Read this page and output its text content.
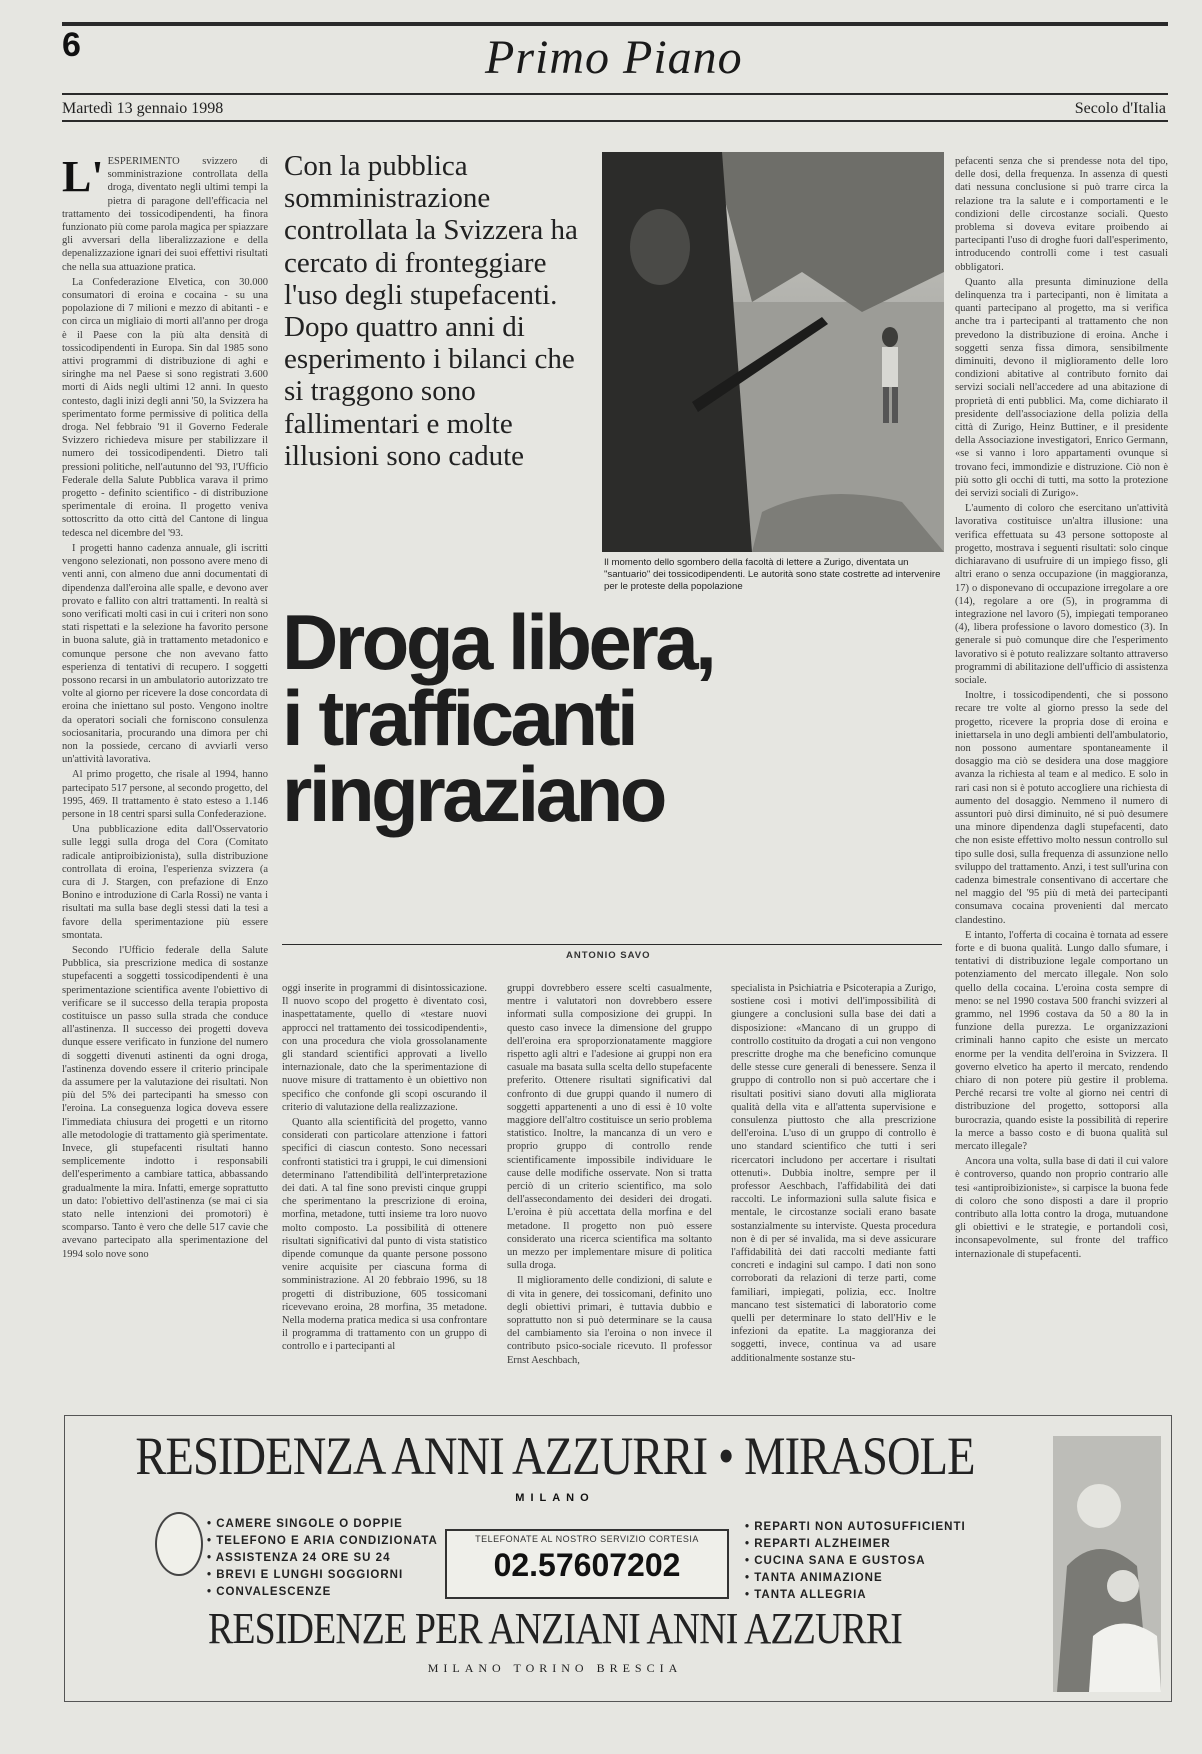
6	Primo Piano
Martedì 13 gennaio 1998	Secolo d'Italia

L' ESPERIMENTO svizzero di somministrazione controllata della droga, diventato negli ultimi tempi la pietra di paragone dell'efficacia nel trattamento dei tossicodipendenti, ha finora funzionato più come parola magica per spiazzare gli avversari della liberalizzazione e della depenalizzazione ignari dei suoi effettivi risultati che nella sua attuazione pratica.

La Confederazione Elvetica, con 30.000 consumatori di eroina e cocaina - su una popolazione di 7 milioni e mezzo di abitanti - e con circa un migliaio di morti all'anno per droga è il Paese con la più alta densità di tossicodipendenti in Europa. Sin dal 1985 sono attivi programmi di distribuzione di aghi e siringhe ma nel Paese si sono registrati 3.600 morti di Aids negli ultimi 12 anni. In questo contesto, dagli inizi degli anni '50, la Svizzera ha sperimentato forme permissive di politica della droga. Nel febbraio '91 il Governo Federale Svizzero richiedeva misure per stabilizzare il numero dei tossicodipendenti. Dietro tali pressioni politiche, nell'autunno del '93, l'Ufficio Federale della Salute Pubblica varava il primo progetto - definito scientifico - di distribuzione sperimentale di eroina. Il progetto veniva sottoscritto da otto città del Cantone di lingua tedesca nel dicembre del '93.

I progetti hanno cadenza annuale, gli iscritti vengono selezionati, non possono avere meno di venti anni, con almeno due anni documentati di dipendenza dall'eroina alle spalle, e devono aver provato e fallito con altri trattamenti. In realtà si sono verificati molti casi in cui i criteri non sono stati rispettati e la selezione ha favorito persone in buona salute, già in trattamento metadonico e comunque persone che non avevano fatto esperienza di tentativi di recupero. I soggetti possono recarsi in un ambulatorio autorizzato tre volte al giorno per ricevere la dose concordata di eroina che iniettano sul posto. Vengono inoltre da operatori sociali che forniscono consulenza sociosanitaria, procurando una dimora per chi non la possiede, cercano di avviarli verso un'attività lavorativa.

Al primo progetto, che risale al 1994, hanno partecipato 517 persone, al secondo progetto, del 1995, 469. Il trattamento è stato esteso a 1.146 persone in 18 centri sparsi sulla Confederazione.

Una pubblicazione edita dall'Osservatorio sulle leggi sulla droga del Cora (Comitato radicale antiproibizionista), sulla distribuzione controllata di eroina, l'esperienza svizzera (a cura di J. Stargen, con prefazione di Enzo Bonino e introduzione di Carla Rossi) ne vanta i risultati ma sulla base degli stessi dati la tesi a favore della sperimentazione più essere smontata.

Secondo l'Ufficio federale della Salute Pubblica, sia prescrizione medica di sostanze stupefacenti a soggetti tossicodipendenti è una sperimentazione scientifica avente l'obiettivo di verificare se il successo della terapia proposta costituisce un passo sulla strada che conduce all'astinenza. Il successo dei progetti doveva dunque essere verificato in funzione del numero di soggetti divenuti astinenti da ogni droga, l'astinenza dovendo essere il criterio principale da assumere per la valutazione dei risultati. Non più del 5% dei partecipanti ha smesso con l'eroina. La conseguenza logica doveva essere l'immediata chiusura dei progetti e un ritorno alle metodologie di trattamento già sperimentate. Invece, gli stupefacenti risultati hanno semplicemente indotto i responsabili dell'esperimento a cambiare tattica, abbassando gradualmente la mira. Infatti, emerge soprattutto un dato: l'obiettivo dell'astinenza (se mai ci sia stato nelle intenzioni dei promotori) è scomparso. Tanto è vero che delle 517 cavie che avevano partecipato alla sperimentazione del 1994 solo nove sono

Con la pubblica somministrazione controllata la Svizzera ha cercato di fronteggiare l'uso degli stupefacenti. Dopo quattro anni di esperimento i bilanci che si traggono sono fallimentari e molte illusioni sono cadute
Il momento dello sgombero della facoltà di lettere a Zurigo, diventata un "santuario" dei tossicodipendenti. Le autorità sono state costrette ad intervenire per le proteste della popolazione
Droga libera,
i trafficanti
ringraziano
ANTONIO SAVO

oggi inserite in programmi di disintossicazione. Il nuovo scopo del progetto è diventato così, inaspettatamente, quello di «testare nuovi approcci nel trattamento dei tossicodipendenti», con una procedura che viola grossolanamente gli standard scientifici approvati a livello internazionale, dato che la sperimentazione di nuove misure di trattamento è un obiettivo non specifico che confonde gli scopi oscurando il criterio di valutazione della realizzazione.

Quanto alla scientificità del progetto, vanno considerati con particolare attenzione i fattori specifici di ciascun contesto. Sono necessari confronti statistici tra i gruppi, le cui dimensioni determinano l'attendibilità dell'interpretazione dei dati. A tal fine sono previsti cinque gruppi che sperimentano la prescrizione di eroina, morfina, metadone, tutti insieme tra loro nuovo molto composto. La possibilità di ottenere risultati significativi dal punto di vista statistico dipende comunque da quante persone possono venire acquisite per ciascuna forma di somministrazione. Al 20 febbraio 1996, su 18 progetti di distribuzione, 605 tossicomani ricevevano eroina, 28 morfina, 35 metadone. Nella moderna pratica medica si usa confrontare il programma di trattamento con un gruppo di controllo e i partecipanti al

gruppi dovrebbero essere scelti casualmente, mentre i valutatori non dovrebbero essere informati sulla composizione dei gruppi. In questo caso invece la dimensione del gruppo dell'eroina era sproporzionatamente maggiore rispetto agli altri e l'adesione ai gruppi non era casuale ma basata sulla scelta dello stupefacente preferito. Ottenere risultati significativi dal confronto di due gruppi quando il numero di soggetti appartenenti a uno di essi è 10 volte maggiore dell'altro costituisce un serio problema statistico. Inoltre, la mancanza di un vero e proprio gruppo di controllo rende scientificamente impossibile individuare le cause delle modifiche osservate. Non si tratta perciò di un criterio scientifico, ma solo dell'assecondamento dei desideri dei drogati. L'eroina è più accettata della morfina e del metadone. Il progetto non può essere considerato una ricerca scientifica ma soltanto un mezzo per implementare misure di politica sulla droga.

Il miglioramento delle condizioni, di salute e di vita in genere, dei tossicomani, definito uno degli obiettivi primari, è tuttavia dubbio e soprattutto non si può determinare se la causa del cambiamento sia l'eroina o non invece il contributo psico-sociale ricevuto. Il professor Ernst Aeschbach,

specialista in Psichiatria e Psicoterapia a Zurigo, sostiene così i motivi dell'impossibilità di giungere a conclusioni sulla base dei dati a disposizione: «Mancano di un gruppo di controllo costituito da drogati a cui non vengono prescritte droghe ma che beneficino comunque delle stesse cure generali di benessere. Senza il gruppo di controllo non si può accertare che i risultati positivi siano dovuti alla migliorata qualità della vita e all'attenta supervisione e consulenza piuttosto che alla prescrizione dell'eroina. L'uso di un gruppo di controllo è uno standard scientifico che tutti i seri ricercatori includono per accertare i risultati ottenuti». Dubbia inoltre, sempre per il professor Aeschbach, l'affidabilità dei dati raccolti. Le informazioni sulla salute fisica e mentale, le circostanze sociali erano basate sostanzialmente su interviste. Questa procedura non è di per sé invalida, ma si deve assicurare l'affidabilità dei dati raccolti mediante fatti concreti e indagini sul campo. I dati non sono corroborati da relazioni di terze parti, come familiari, impiegati, polizia, ecc. Inoltre mancano test sistematici di laboratorio come quelli per determinare lo stato dell'Hiv e le infezioni da epatite. La maggioranza dei soggetti, invece, continua va ad usare additionalmente sostanze stu-

pefacenti senza che si prendesse nota del tipo, delle dosi, della frequenza. In assenza di questi dati nessuna conclusione si può trarre circa la relazione tra la salute e i comportamenti e le condizioni delle circostanze sociali. Questo problema si doveva evitare proibendo ai partecipanti l'uso di droghe fuori dall'esperimento, introducendo controlli come i test casuali obbligatori.

Quanto alla presunta diminuzione della delinquenza tra i partecipanti, non è limitata a quanti partecipano al progetto, ma si verifica anche tra i partecipanti al trattamento che non prevedono la distribuzione di eroina. Anche i soggetti senza fissa dimora, sensibilmente diminuiti, devono il miglioramento delle loro condizioni abitative al contributo fornito dai servizi sociali nell'accedere ad una abitazione di proprietà di enti pubblici. Ma, come dichiarato il presidente dell'associazione della polizia della città di Zurigo, Heinz Buttiner, e il presidente della Associazione investigatori, Enrico Germann, «se si vanno i loro appartamenti ovunque si trovano feci, immondizie e distruzione. Ciò non è più sotto gli occhi di tutti, ma sotto la protezione dei servizi sociali di Zurigo».

L'aumento di coloro che esercitano un'attività lavorativa costituisce un'altra illusione: una verifica effettuata su 43 persone sottoposte al progetto, mostrava i seguenti risultati: solo cinque dichiaravano di usufruire di un impiego fisso, gli altri erano o senza occupazione (in maggioranza, 17) o disponevano di occupazione irregolare a ore (14), regolare a ore (5), in programma di integrazione nel lavoro (5), impiegati temporaneo (4), libera professione o lavoro domestico (3). In generale si può comunque dire che l'esperimento lavorativo si è potuto realizzare soltanto attraverso programmi di abilitazione dell'ufficio di assistenza sociale.

Inoltre, i tossicodipendenti, che si possono recare tre volte al giorno presso la sede del progetto, ricevere la propria dose di eroina e iniettarsela in uno degli ambienti dell'ambulatorio, non possono aumentare spontaneamente il dosaggio ma ciò se desidera una dose maggiore avanza la richiesta al team e al medico. E solo in rari casi non si è potuto accogliere una richiesta di aumento del dosaggio. Nemmeno il numero di assuntori può dirsi diminuito, né si può desumere una minore dipendenza dagli stupefacenti, dato che non esiste effettivo molto nessun controllo sul tipo sulle dosi, sulla frequenza di assunzione nello sviluppo del trattamento. Anzi, i test sull'urina con cadenza bimestrale consentivano di accertare che nel maggio del '95 più di metà dei partecipanti consumava cocaina provenienti dal mercato clandestino.

E intanto, l'offerta di cocaina è tornata ad essere forte e di buona qualità. Lungo dallo sfumare, i tentativi di distribuzione legale comportano un potenziamento del mercato illegale. Non solo quello della cocaina. L'eroina costa sempre di meno: se nel 1990 costava 500 franchi svizzeri al grammo, nel 1996 costava da 50 a 80 la in funzione della purezza. Le organizzazioni criminali hanno capito che esiste un mercato enorme per la vendita dell'eroina in Svizzera. Il governo elvetico ha aperto il mercato, rendendo chiaro di non potere più gestire il problema. Perché recarsi tre volte al giorno nei centri di distribuzione del progetto, sottoporsi alla burocrazia, quando esiste la possibilità di reperire la merce a basso costo e di buona qualità sul mercato illegale?

Ancora una volta, sulla base di dati il cui valore è controverso, quando non proprio contrario alle tesi «antiproibizioniste», si carpisce la buona fede di coloro che sono disposti a dare il proprio contributo alla lotta contro la droga, mutuandone gli obiettivi e le strategie, e portandoli così, inconsapevolmente, sul fronte del traffico internazionale di stupefacenti.

RESIDENZA ANNI AZZURRI • MIRASOLE
MILANO
• CAMERE SINGOLE O DOPPIE
• TELEFONO E ARIA CONDIZIONATA
• ASSISTENZA 24 ORE SU 24
• BREVI E LUNGHI SOGGIORNI
• CONVALESCENZE
TELEFONATE AL NOSTRO SERVIZIO CORTESIA
02.57607202
• REPARTI NON AUTOSUFFICIENTI
• REPARTI ALZHEIMER
• CUCINA SANA E GUSTOSA
• TANTA ANIMAZIONE
• TANTA ALLEGRIA
RESIDENZE PER ANZIANI ANNI AZZURRI
MILANO TORINO BRESCIA
